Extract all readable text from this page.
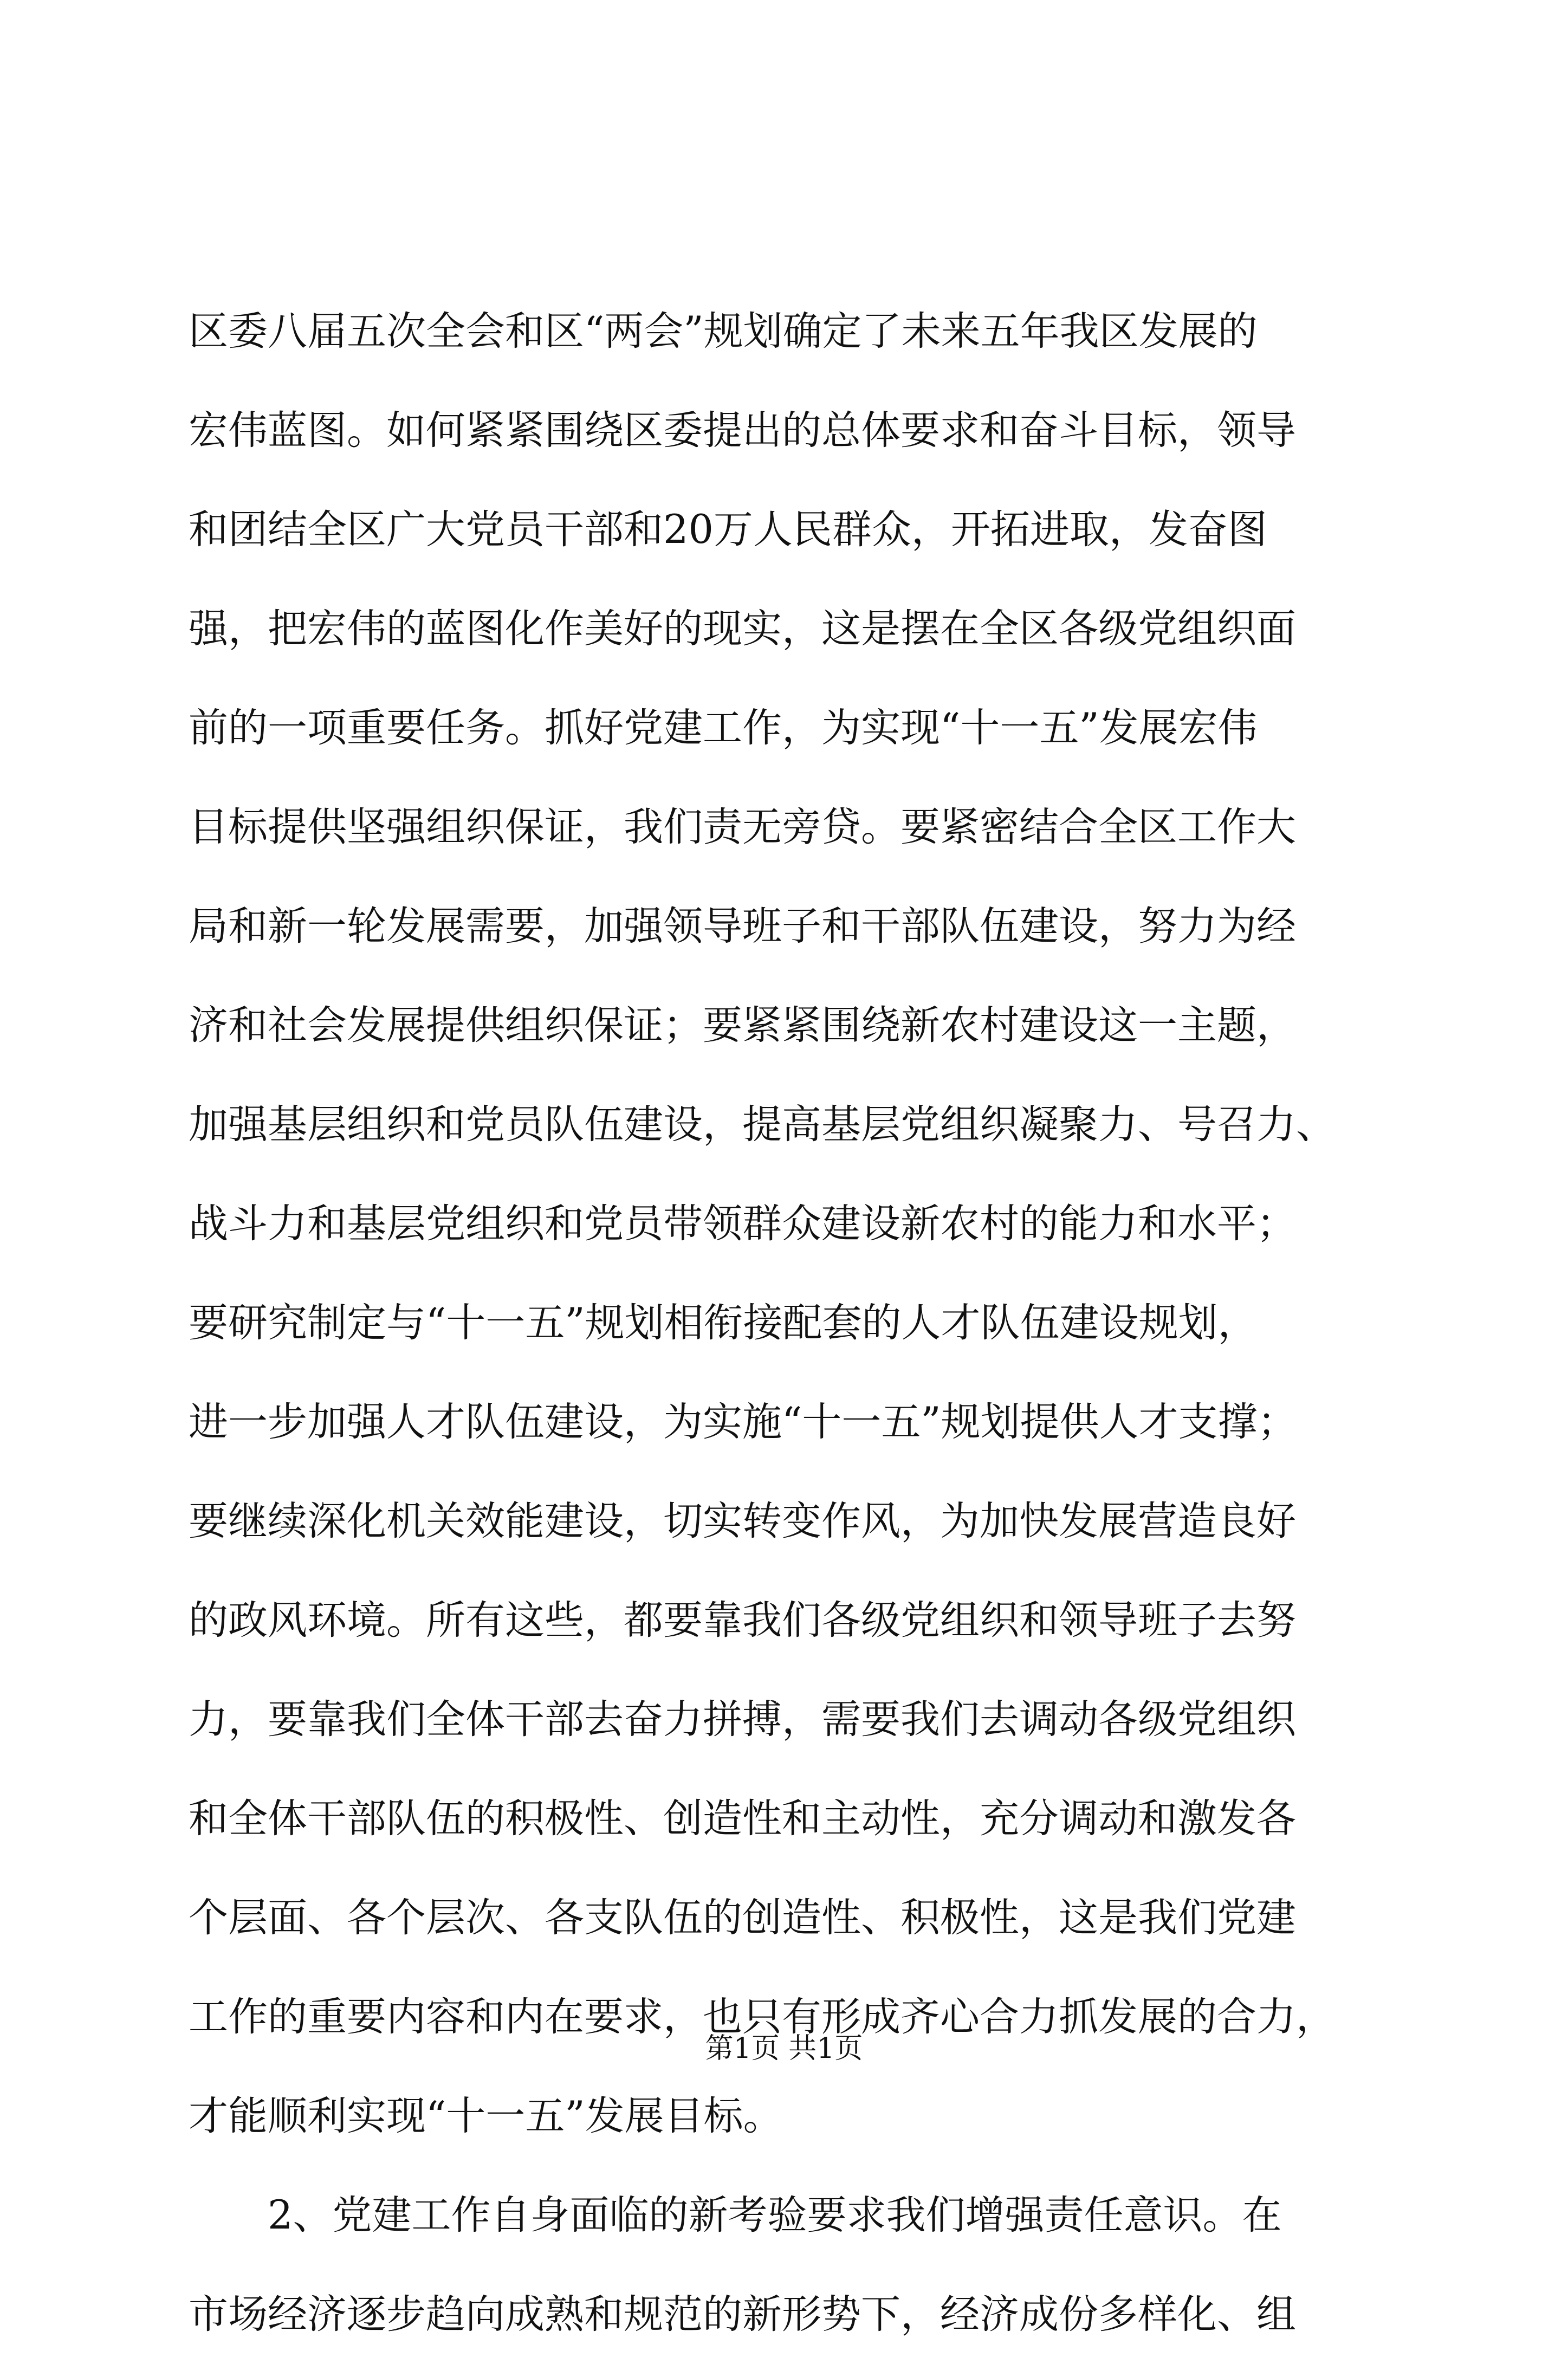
区委八届五次全会和区“两会”规划确定了未来五年我区发展的
宏伟蓝图。如何紧紧围绕区委提出的总体要求和奋斗目标，领导
和团结全区广大党员干部和20万人民群众，开拓进取，发奋图
强，把宏伟的蓝图化作美好的现实，这是摆在全区各级党组织面
前的一项重要任务。抓好党建工作，为实现“十一五”发展宏伟
目标提供坚强组织保证，我们责无旁贷。要紧密结合全区工作大
局和新一轮发展需要，加强领导班子和干部队伍建设，努力为经
济和社会发展提供组织保证；要紧紧围绕新农村建设这一主题，
加强基层组织和党员队伍建设，提高基层党组织凝聚力、号召力、
战斗力和基层党组织和党员带领群众建设新农村的能力和水平；
要研究制定与“十一五”规划相衔接配套的人才队伍建设规划，
进一步加强人才队伍建设，为实施“十一五”规划提供人才支撑；
要继续深化机关效能建设，切实转变作风，为加快发展营造良好
的政风环境。所有这些，都要靠我们各级党组织和领导班子去努
力，要靠我们全体干部去奋力拼搏，需要我们去调动各级党组织
和全体干部队伍的积极性、创造性和主动性，充分调动和激发各
个层面、各个层次、各支队伍的创造性、积极性，这是我们党建
工作的重要内容和内在要求，也只有形成齐心合力抓发展的合力，
才能顺利实现“十一五”发展目标。
2、党建工作自身面临的新考验要求我们增强责任意识。在
市场经济逐步趋向成熟和规范的新形势下，经济成份多样化、组
第1页 共1页
